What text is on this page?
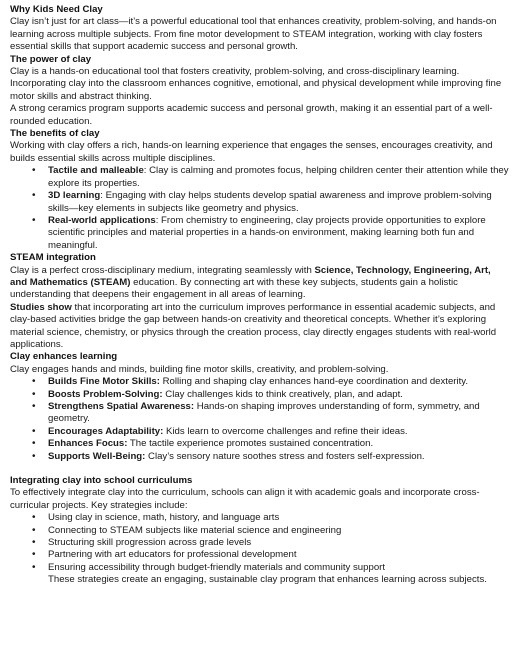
Why Kids Need Clay

Clay isn’t just for art class—it’s a powerful educational tool that enhances creativity, problem-solving, and hands-on learning across multiple subjects. From fine motor development to STEAM integration, working with clay fosters essential skills that support academic success and personal growth.

The power of clay

Clay is a hands-on educational tool that fosters creativity, problem-solving, and cross-disciplinary learning. Incorporating clay into the classroom enhances cognitive, emotional, and physical development while improving fine motor skills and abstract thinking.

A strong ceramics program supports academic success and personal growth, making it an essential part of a well-rounded education.

The benefits of clay

Working with clay offers a rich, hands-on learning experience that engages the senses, encourages creativity, and builds essential skills across multiple disciplines.

• Tactile and malleable: Clay is calming and promotes focus, helping children center their attention while they explore its properties.
• 3D learning: Engaging with clay helps students develop spatial awareness and improve problem-solving skills—key elements in subjects like geometry and physics.
• Real-world applications: From chemistry to engineering, clay projects provide opportunities to explore scientific principles and material properties in a hands-on environment, making learning both fun and meaningful.
STEAM integration

Clay is a perfect cross-disciplinary medium, integrating seamlessly with Science, Technology, Engineering, Art, and Mathematics (STEAM) education. By connecting art with these key subjects, students gain a holistic understanding that deepens their engagement in all areas of learning.

Studies show that incorporating art into the curriculum improves performance in essential academic subjects, and clay-based activities bridge the gap between hands-on creativity and theoretical concepts. Whether it’s exploring material science, chemistry, or physics through the creation process, clay directly engages students with real-world applications.

Clay enhances learning

Clay engages hands and minds, building fine motor skills, creativity, and problem-solving.

• Builds Fine Motor Skills: Rolling and shaping clay enhances hand-eye coordination and dexterity.
• Boosts Problem-Solving: Clay challenges kids to think creatively, plan, and adapt.
• Strengthens Spatial Awareness: Hands-on shaping improves understanding of form, symmetry, and geometry.
• Encourages Adaptability: Kids learn to overcome challenges and refine their ideas.
• Enhances Focus: The tactile experience promotes sustained concentration.
• Supports Well-Being: Clay’s sensory nature soothes stress and fosters self-expression.
Integrating clay into school curriculums

To effectively integrate clay into the curriculum, schools can align it with academic goals and incorporate cross-curricular projects. Key strategies include:

• Using clay in science, math, history, and language arts
• Connecting to STEAM subjects like material science and engineering
• Structuring skill progression across grade levels
• Partnering with art educators for professional development
• Ensuring accessibility through budget-friendly materials and community support

These strategies create an engaging, sustainable clay program that enhances learning across subjects.
